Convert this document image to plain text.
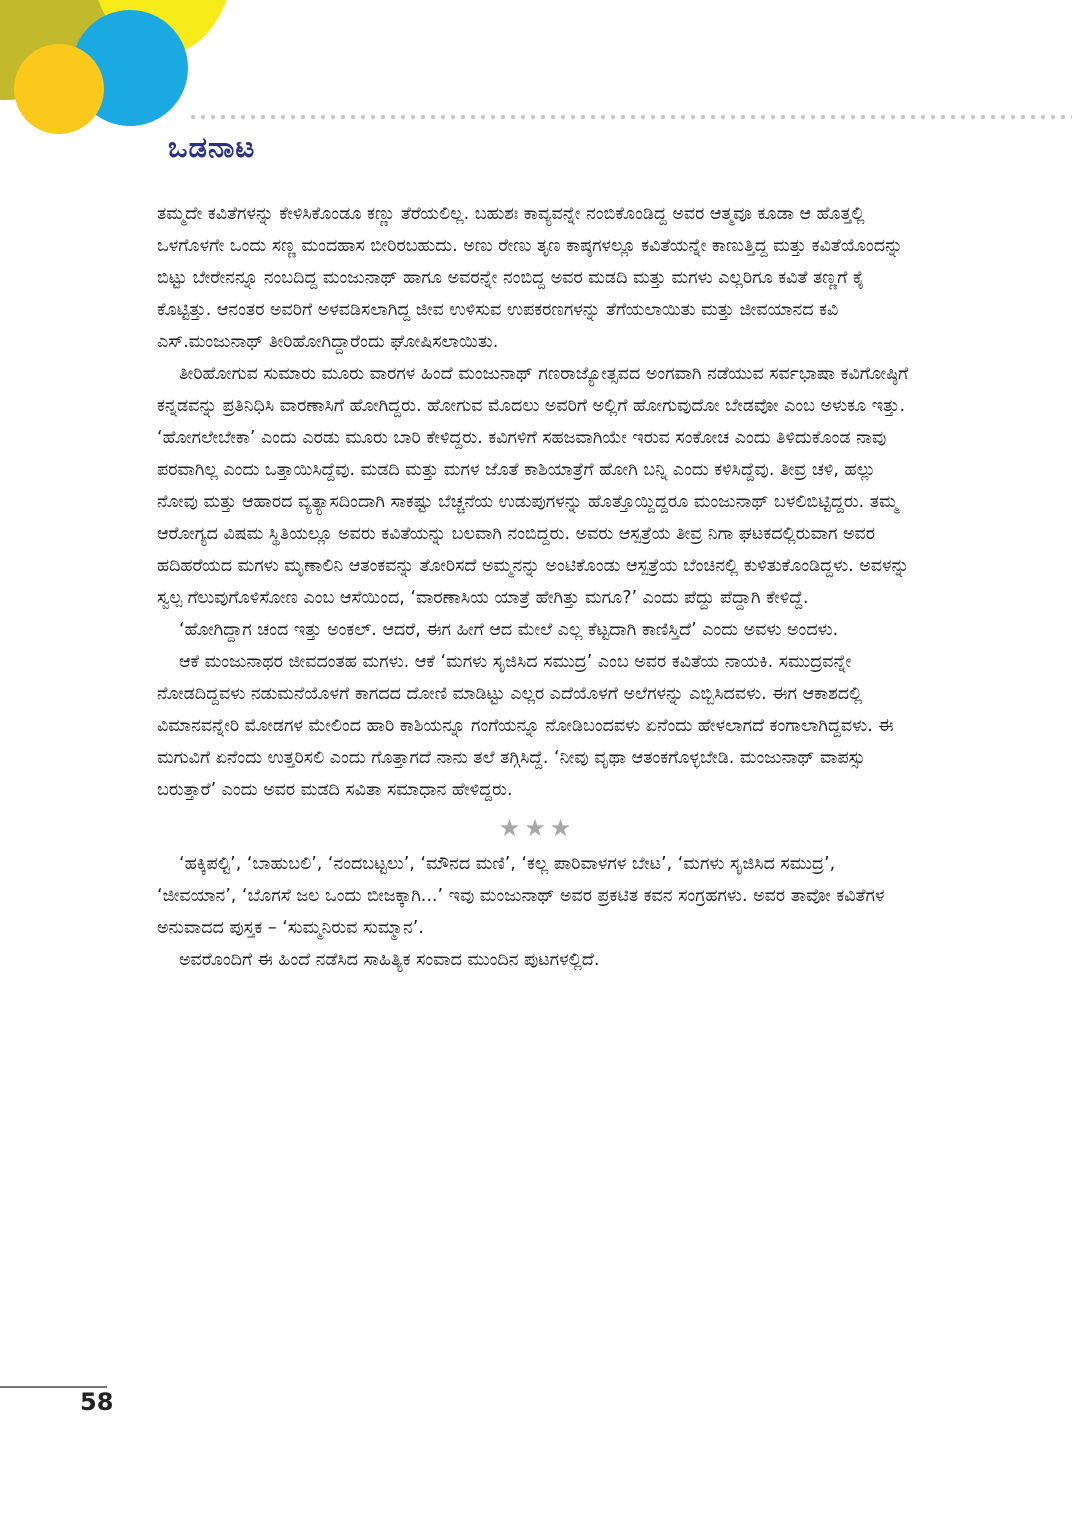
ಒಡನಾಟ

ತಮ್ಮದೇ ಕವಿತೆಗಳನ್ನು ಕೇಳಿಸಿಕೊಂಡೂ ಕಣ್ಣು ತೆರೆಯಲಿಲ್ಲ. ಬಹುಶಃ ಕಾವ್ಯವನ್ನೇ ನಂಬಿಕೊಂಡಿದ್ದ ಅವರ ಆತ್ಮವೂ ಕೂಡಾ ಆ ಹೊತ್ತಲ್ಲಿ ಒಳಗೊಳಗೇ ಒಂದು ಸಣ್ಣ ಮಂದಹಾಸ ಬೀರಿರಬಹುದು. ಅಣು ರೇಣು ತೃಣ ಕಾಷ್ಠಗಳಲ್ಲೂ ಕವಿತೆಯನ್ನೇ ಕಾಣುತ್ತಿದ್ದ ಮತ್ತು ಕವಿತೆಯೊಂದನ್ನು ಬಿಟ್ಟು ಬೇರೇನನ್ನೂ ನಂಬದಿದ್ದ ಮಂಜುನಾಥ್ ಹಾಗೂ ಅವರನ್ನೇ ನಂಬಿದ್ದ ಅವರ ಮಡದಿ ಮತ್ತು ಮಗಳು ಎಲ್ಲರಿಗೂ ಕವಿತೆ ತಣ್ಣಗೆ ಕೈ ಕೊಟ್ಟಿತ್ತು. ಆನಂತರ ಅವರಿಗೆ ಅಳವಡಿಸಲಾಗಿದ್ದ ಜೀವ ಉಳಿಸುವ ಉಪಕರಣಗಳನ್ನು ತೆಗೆಯಲಾಯಿತು ಮತ್ತು ಜೀವಯಾನದ ಕವಿ ಎಸ್.ಮಂಜುನಾಥ್ ತೀರಿಹೋಗಿದ್ದಾರೆಂದು ಘೋಷಿಸಲಾಯಿತು.

ತೀರಿಹೋಗುವ ಸುಮಾರು ಮೂರು ವಾರಗಳ ಹಿಂದೆ ಮಂಜುನಾಥ್ ಗಣರಾಜ್ಯೋತ್ಸವದ ಅಂಗವಾಗಿ ನಡೆಯುವ ಸರ್ವಭಾಷಾ ಕವಿಗೋಷ್ಠಿಗೆ ಕನ್ನಡವನ್ನು ಪ್ರತಿನಿಧಿಸಿ ವಾರಣಾಸಿಗೆ ಹೋಗಿದ್ದರು. ಹೋಗುವ ಮೊದಲು ಅವರಿಗೆ ಅಲ್ಲಿಗೆ ಹೋಗುವುದೋ ಬೇಡವೋ ಎಂಬ ಅಳುಕೂ ಇತ್ತು. ‘ಹೋಗಲೇಬೇಕಾ’ ಎಂದು ಎರಡು ಮೂರು ಬಾರಿ ಕೇಳಿದ್ದರು. ಕವಿಗಳಿಗೆ ಸಹಜವಾಗಿಯೇ ಇರುವ ಸಂಕೋಚ ಎಂದು ತಿಳಿದುಕೊಂಡ ನಾವು ಪರವಾಗಿಲ್ಲ ಎಂದು ಒತ್ತಾಯಿಸಿದ್ದೆವು. ಮಡದಿ ಮತ್ತು ಮಗಳ ಜೊತೆ ಕಾಶಿಯಾತ್ರೆಗೆ ಹೋಗಿ ಬನ್ನಿ ಎಂದು ಕಳಿಸಿದ್ದೆವು. ತೀವ್ರ ಚಳಿ, ಹಲ್ಲು ನೋವು ಮತ್ತು ಆಹಾರದ ವ್ಯತ್ಯಾಸದಿಂದಾಗಿ ಸಾಕಷ್ಟು ಬೆಚ್ಚನೆಯ ಉಡುಪುಗಳನ್ನು ಹೊತ್ತೊಯ್ದಿದ್ದರೂ ಮಂಜುನಾಥ್ ಬಳಲಿಬಿಟ್ಟಿದ್ದರು. ತಮ್ಮ ಆರೋಗ್ಯದ ವಿಷಮ ಸ್ಥಿತಿಯಲ್ಲೂ ಅವರು ಕವಿತೆಯನ್ನು ಬಲವಾಗಿ ನಂಬಿದ್ದರು. ಅವರು ಆಸ್ಪತ್ರೆಯ ತೀವ್ರ ನಿಗಾ ಘಟಕದಲ್ಲಿರುವಾಗ ಅವರ ಹದಿಹರೆಯದ ಮಗಳು ಮೃಣಾಲಿನಿ ಆತಂಕವನ್ನು ತೋರಿಸದೆ ಅಮ್ಮನನ್ನು ಅಂಟಿಕೊಂಡು ಆಸ್ಪತ್ರೆಯ ಬೆಂಚಿನಲ್ಲಿ ಕುಳಿತುಕೊಂಡಿದ್ದಳು. ಅವಳನ್ನು ಸ್ವಲ್ಪ ಗೆಲುವುಗೊಳಿಸೋಣ ಎಂಬ ಆಸೆಯಿಂದ, ‘ವಾರಣಾಸಿಯ ಯಾತ್ರೆ ಹೇಗಿತ್ತು ಮಗೂ?’ ಎಂದು ಪೆದ್ದು ಪೆದ್ದಾಗಿ ಕೇಳಿದ್ದೆ.

‘ಹೋಗಿದ್ದಾಗ ಚಂದ ಇತ್ತು ಅಂಕಲ್. ಆದರೆ, ಈಗ ಹೀಗೆ ಆದ ಮೇಲೆ ಎಲ್ಲ ಕೆಟ್ಟದಾಗಿ ಕಾಣಿಸ್ತಿದೆ’ ಎಂದು ಅವಳು ಅಂದಳು.

ಆಕೆ ಮಂಜುನಾಥರ ಜೀವದಂತಹ ಮಗಳು. ಆಕೆ ‘ಮಗಳು ಸೃಜಿಸಿದ ಸಮುದ್ರ’ ಎಂಬ ಅವರ ಕವಿತೆಯ ನಾಯಕಿ. ಸಮುದ್ರವನ್ನೇ ನೋಡದಿದ್ದವಳು ನಡುಮನೆಯೊಳಗೆ ಕಾಗದದ ದೋಣಿ ಮಾಡಿಟ್ಟು ಎಲ್ಲರ ಎದೆಯೊಳಗೆ ಅಲೆಗಳನ್ನು ಎಬ್ಬಿಸಿದವಳು. ಈಗ ಆಕಾಶದಲ್ಲಿ ವಿಮಾನವನ್ನೇರಿ ಮೋಡಗಳ ಮೇಲಿಂದ ಹಾರಿ ಕಾಶಿಯನ್ನೂ ಗಂಗೆಯನ್ನೂ ನೋಡಿಬಂದವಳು ಏನೆಂದು ಹೇಳಲಾಗದೆ ಕಂಗಾಲಾಗಿದ್ದವಳು. ಈ ಮಗುವಿಗೆ ಏನೆಂದು ಉತ್ತರಿಸಲಿ ಎಂದು ಗೊತ್ತಾಗದೆ ನಾನು ತಲೆ ತಗ್ಗಿಸಿದ್ದೆ. ‘ನೀವು ವೃಥಾ ಆತಂಕಗೊಳ್ಳಬೇಡಿ. ಮಂಜುನಾಥ್ ವಾಪಸ್ಸು ಬರುತ್ತಾರೆ’ ಎಂದು ಅವರ ಮಡದಿ ಸವಿತಾ ಸಮಾಧಾನ ಹೇಳಿದ್ದರು.

★★★

‘ಹಕ್ಕಿಪಲ್ಟಿ’, ‘ಬಾಹುಬಲಿ’, ‘ನಂದಬಟ್ಟಲು’, ‘ಮೌನದ ಮಣಿ’, ‘ಕಲ್ಲ ಪಾರಿವಾಳಗಳ ಬೇಟ’, ‘ಮಗಳು ಸೃಜಿಸಿದ ಸಮುದ್ರ’, ‘ಜೀವಯಾನ’, ‘ಬೊಗಸೆ ಜಲ ಒಂದು ಬೀಜಕ್ಕಾಗಿ...’ ಇವು ಮಂಜುನಾಥ್ ಅವರ ಪ್ರಕಟಿತ ಕವನ ಸಂಗ್ರಹಗಳು. ಅವರ ತಾವೋ ಕವಿತೆಗಳ ಅನುವಾದದ ಪುಸ್ತಕ – ‘ಸುಮ್ಮನಿರುವ ಸುಮ್ಮಾನ’.

ಅವರೊಂದಿಗೆ ಈ ಹಿಂದೆ ನಡೆಸಿದ ಸಾಹಿತ್ಯಿಕ ಸಂವಾದ ಮುಂದಿನ ಪುಟಗಳಲ್ಲಿದೆ.

58
